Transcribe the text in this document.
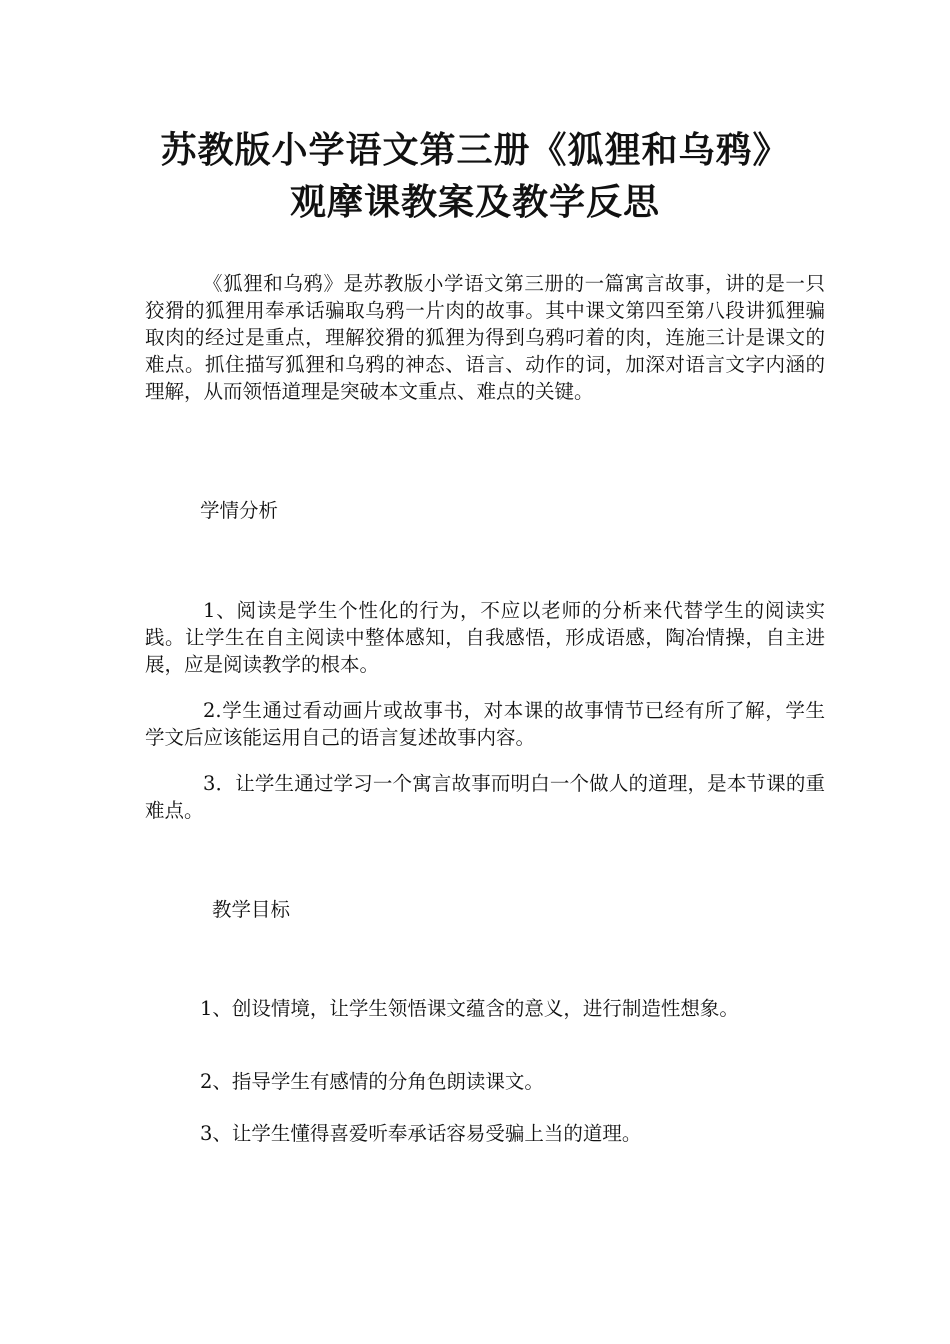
苏教版小学语文第三册《狐狸和乌鸦》
观摩课教案及教学反思

《狐狸和乌鸦》是苏教版小学语文第三册的一篇寓言故事，讲的是一只狡猾的狐狸用奉承话骗取乌鸦一片肉的故事。其中课文第四至第八段讲狐狸骗取肉的经过是重点，理解狡猾的狐狸为得到乌鸦叼着的肉，连施三计是课文的难点。抓住描写狐狸和乌鸦的神态、语言、动作的词，加深对语言文字内涵的理解，从而领悟道理是突破本文重点、难点的关键。

学情分析

1、阅读是学生个性化的行为，不应以老师的分析来代替学生的阅读实践。让学生在自主阅读中整体感知，自我感悟，形成语感，陶冶情操，自主进展，应是阅读教学的根本。

2.学生通过看动画片或故事书，对本课的故事情节已经有所了解，学生学文后应该能运用自己的语言复述故事内容。

3．让学生通过学习一个寓言故事而明白一个做人的道理，是本节课的重难点。

教学目标

1、创设情境，让学生领悟课文蕴含的意义，进行制造性想象。

2、指导学生有感情的分角色朗读课文。

3、让学生懂得喜爱听奉承话容易受骗上当的道理。
